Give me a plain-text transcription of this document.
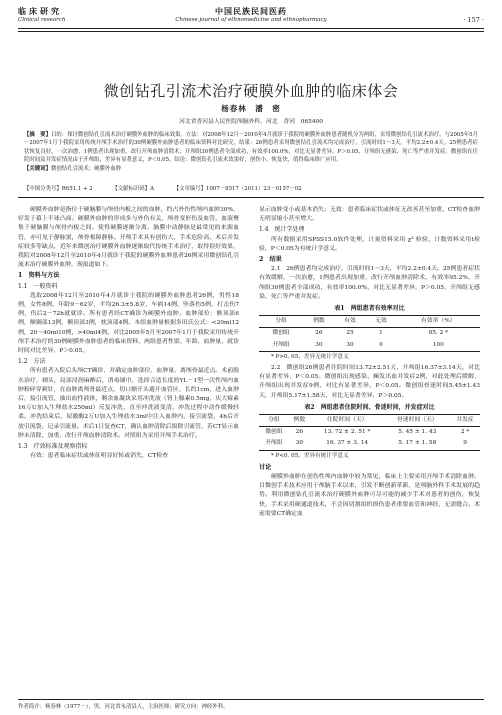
临床研究	中国民族民间医药
Clinical research	Chinese journal of ethnomedicine and ethnopharmacy	· 157 ·
微创钻孔引流术治疗硬膜外血肿的临床体会
杨春林　潘　密
河北省香河县人民医院颅脑外科，河北　香河　065400
【摘　要】目的：探讨微创钻孔引流术治疗硬膜外血肿的临床效果。方法：对2008年12月－2010年4月就诊于我院的硬膜外血肿患者随机分为两组，采用微创钻孔引流术治疗，与2005年5月－2007年1月于我院采用传统开颅手术治疗的30例硬膜外血肿患者的临床资料对比研究。结果：26例患者采用微创钻孔引流术均完成治疗，引流时间1～3天，平均2.2±0.4天。25例患者症状恢复良好，一次治愈，1例患者出现加重，改行开颅血肿清除术；开颅组30例患者全部成功，有效率100.0%，对比无显著差异，P＞0.05，开颅组无感染、死亡等严重并发症。微创组在住院时间及并发症情况由于开颅组，差异有显著意义，P＜0.05。结论：微创钻孔引流术效果好，创伤小、恢复快，值得临床推广应用。
【关键词】微创钻孔引流术；硬膜外血肿
【中图分类号】R651.1 + 2	【文献标识码】A	【文章编号】1007－8517（2011）23－0157－02

硬膜外血肿是指位于硬脑膜与颅骨内板之间的血肿，约占外伤性颅内血肿30%，好发于幕上半球凸面。硬膜外血肿的形成多与外伤有关，颅骨变形伤及血管，血液聚集于硬脑膜与颅骨内板之间。使得硬膜逐渐分离。脑膜中动静脉是最常见的来源血管，亦可见于静脉窦，颅骨板障静脉。开颅手术具有创伤大、手术危险高、术后并发症较多等缺点，近年来微创治疗硬膜外血肿逐渐取代传统手术治疗，取得很好效果，我院对2008年12月至2010年4月就诊于我院的硬膜外血肿患者26例采用微创钻孔引流术治疗硬膜外血肿，现报道如下。

1　资料与方法
1.1　一般资料

选取2008年12月至2010年4月就诊于我院的硬膜外血肿患者26例，男性18例，女性8例，年龄9－62岁，平均26.3±5.8岁，车祸14例，坠落伤5例，打击伤7例，伤后2－72h就就诊。所有患者经CT确诊为硬膜外血肿，血肿部位：额顶部6例，额颞部13例，颞顶部3例，枕顶部4例。本组血肿量根据多田氏公式：<20ml12例，20～40ml10例，>40ml4例。对比2005年5月至2007年1月于我院采用传统开颅手术治疗的30例硬膜外血肿患者的临床资料，两组患者性别、年龄、血肿量、就诊时间对比差异，P＞0.05。

1.2　方法

所有患者入院后头颅CT确诊，并确定血肿部位、血肿量、离颅骨最近点。术前脱水治疗，剃头，局部浸润麻醉后，消毒铺巾，选择合适长度的YL－1型一次性颅内血肿粉碎穿刺针，在血肿离颅骨最近点，切口额开头避开血管区、长约1cm，进入血肿后，接引流管，抽出血性液体，剩余血凝块采用冲洗液（肾上腺素0.5mg，庆大霉素16万U加入生理盐水250ml）反复冲洗，直至冲洗液变清，冲洗过程中动作缓慢轻柔。冲洗结束后，尿激酶2万U加入生理盐水3ml中注入血肿内，接引流袋，4h后开放引流袋，记录引流量。术后1日复查CT，确认血肿清除后拔除引流管，若CT显示血肿未清除，加重，改行开颅血肿清除术。对照组为采用开颅手术治疗。

1.3　疗效标准及观察指标

有效：患者临床症状或体征明显好转或消失，CT检查

显示血肿变小或基本消失；无效：患者临床症状或体征无改善甚至加重，CT检查血肿无明显缩小甚至增大。

1.4　统计学处理

所有数据采用SPSS15.0软件处理，计量资料采用 χ² 检验，计数资料采用t检验，P＜0.05为有统计学意义。

2　结果

2.1　26例患者均完成治疗，引流时间1～3天，平均2.2±0.4天。25例患者症状有效缓解，一次治愈，1例患者出现加重，改行开颅血肿清除术，有效率95.2%，开颅组30例患者全部成功，有效率100.0%，对比无显著差异，P＞0.05，开颅组无感染、死亡等严重并发症。

表1　两组患者有效率对比
分组	例数	有效	无效	有效率（%）
微创组	26	25	1	95. 2 *
开颅组	30	30	0	100
* P>0. 05，差异无统计学意义

2.2　微创组26例患者住院时间13.72±2.51天，开颅组16.37±3.14天，对比有显著差异，P＜0.05。微创组出现感染、癫发出血并发症2例，对此处理后缓解，开颅组出现并发症9例，对比有显著差异，P＜0.05。微创组骨迷时间5.45±1.43天，开颅组5.17±1.58天，对比无显著差异，P＞0.05。

表2　两组患者住院时间、骨迷时间，并发症对比
分组	例数	住院时间（天）	骨迷时间（天）	并发症
微创组	26	13. 72 ± 2. 51 *	5. 45 ± 1. 43	2 *
开颅组	30	16. 37 ± 3. 14	5. 17 ± 1. 58	9
* P<0. 05，差异有统计学意义
讨论

硬膜外血肿在创伤性颅内血肿中较为常见，临床上主要采用开颅手术清除血肿。目微创手术技术应用于颅脑手术以来，引发不断创新革新，是颅脑外科手术发展的趋势。利用微创钻孔引流术治疗硬膜外血肿可尽可能的减少手术对患者的创伤，恢复快，手术采用硬通道技术，不会因切割组织损伤患者重要血管和神经，无需缝合。术前需要CT确定血

作者简介：杨春林（1977－），男，河北省永清县人，主治医师；研究方向：神经外科。
